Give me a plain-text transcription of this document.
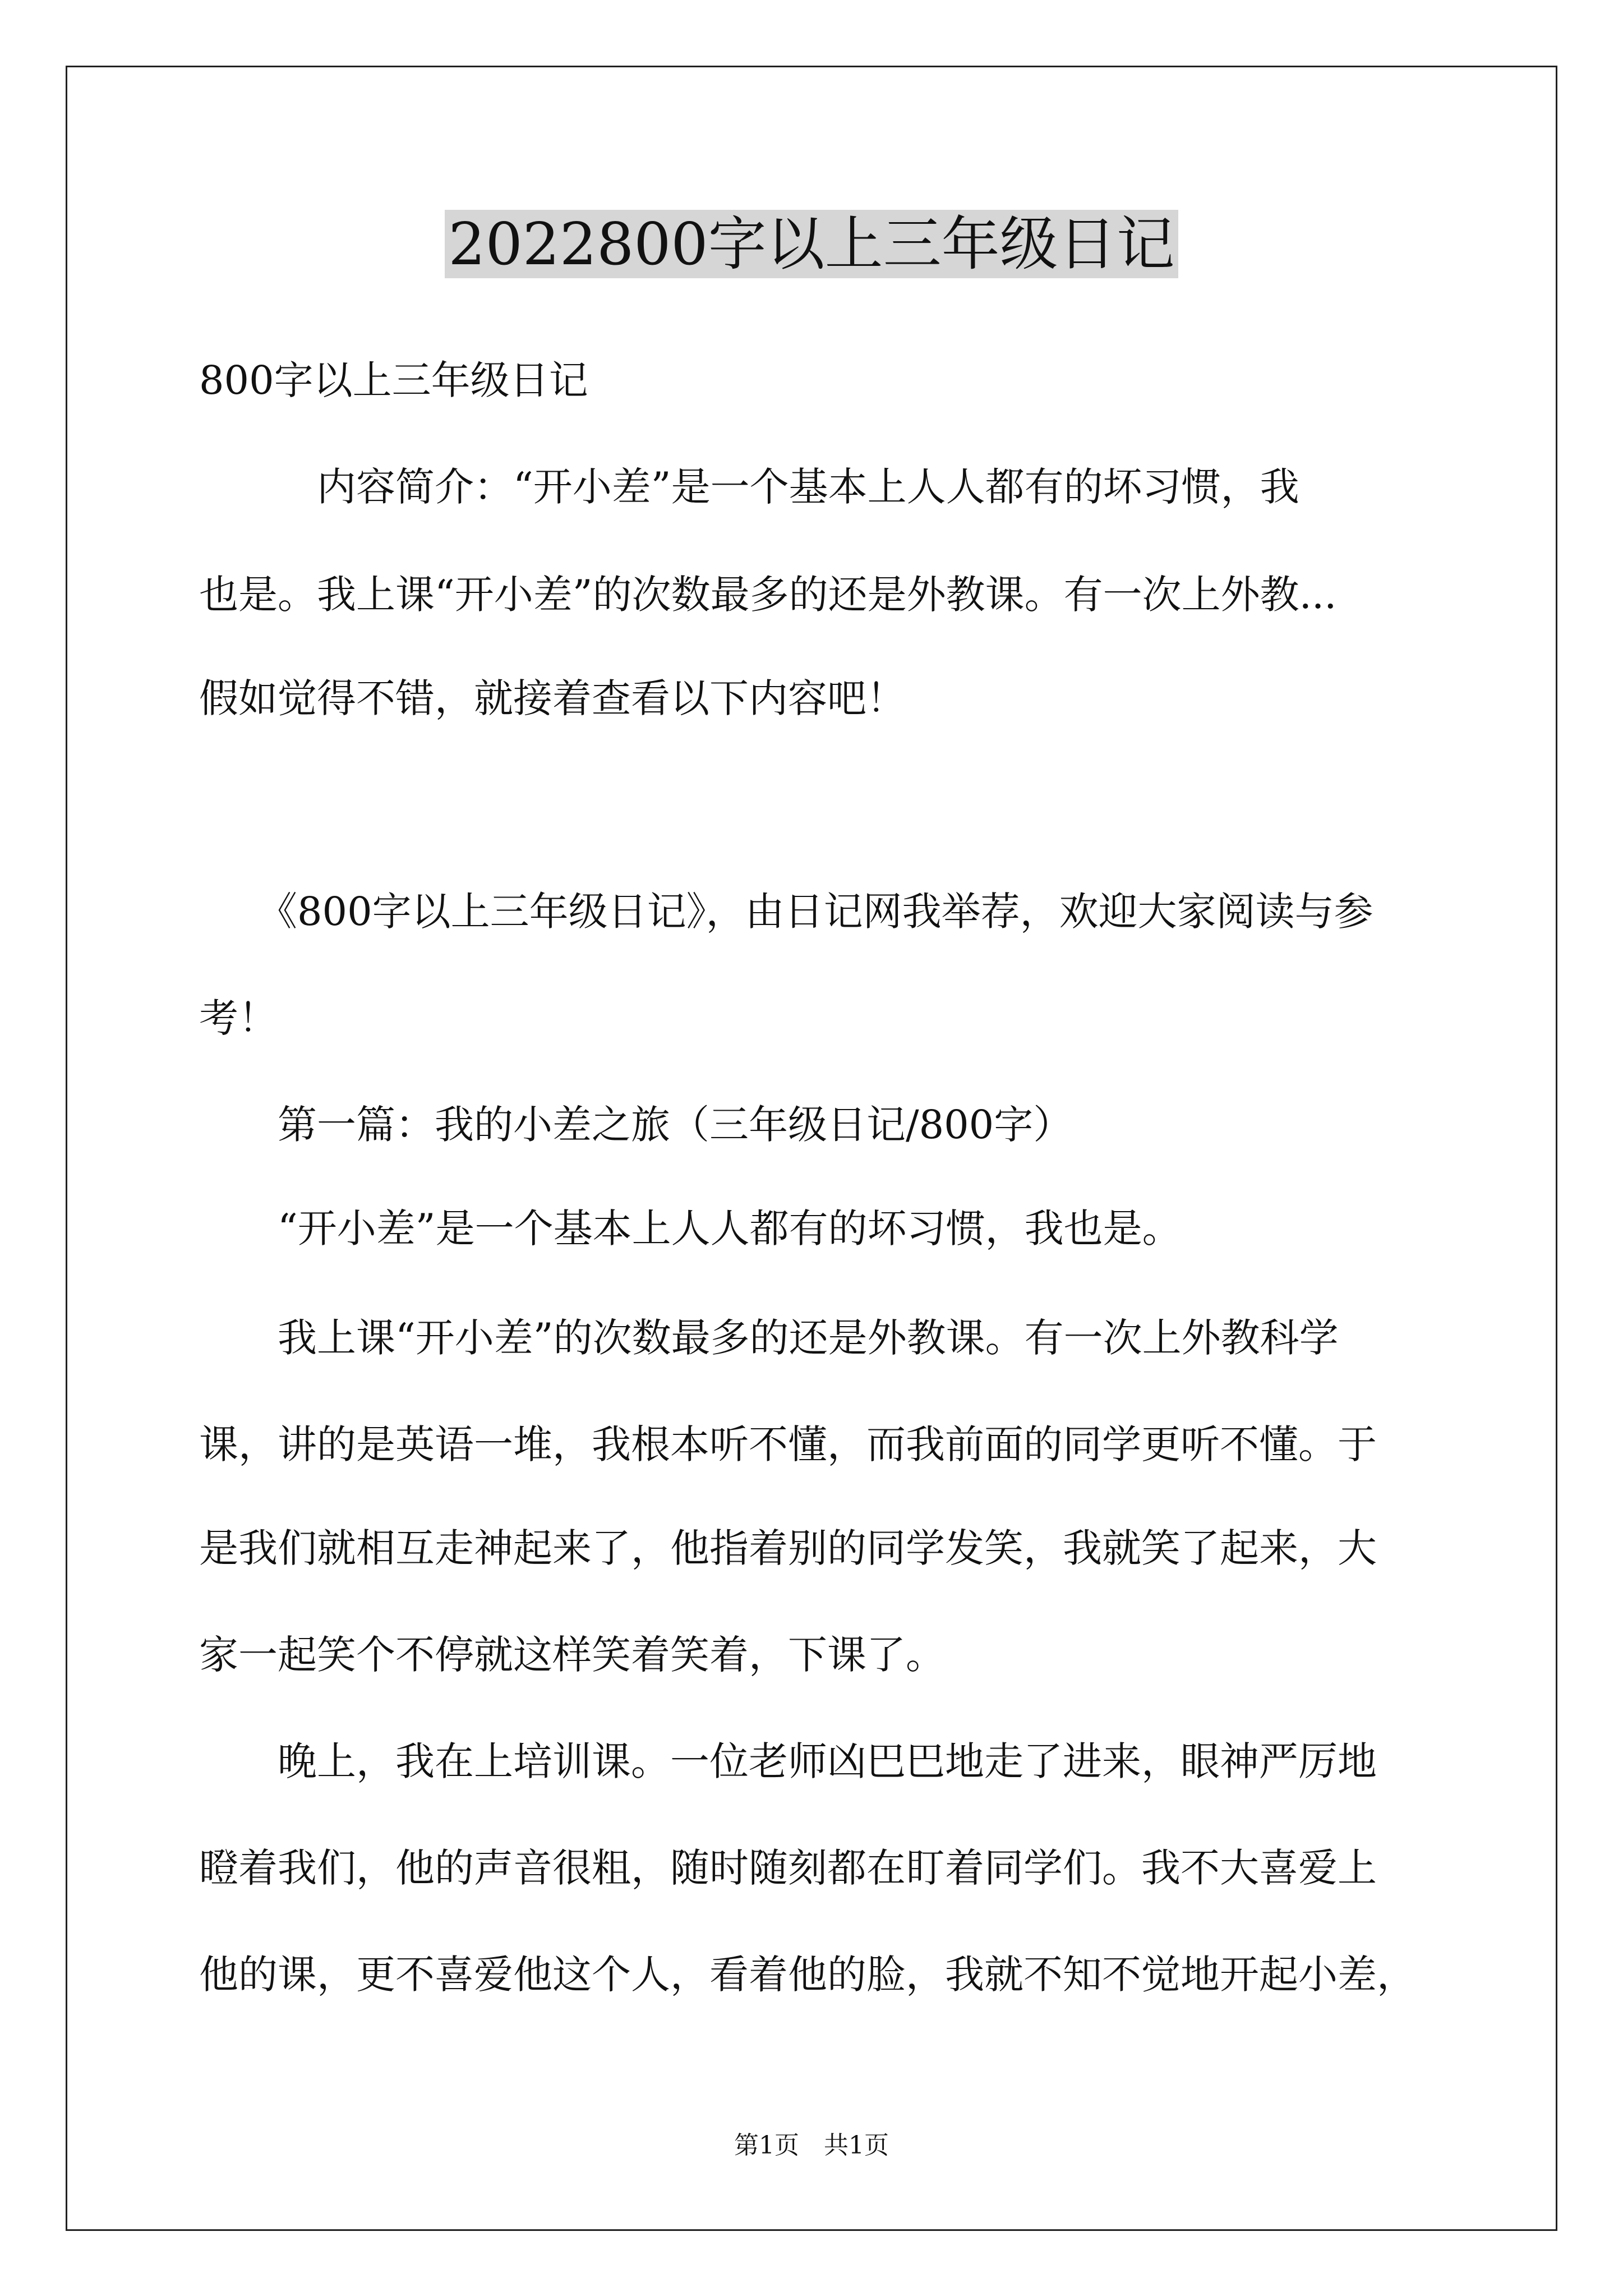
2022800字以上三年级日记

800字以上三年级日记

　　　内容简介：“开小差”是一个基本上人人都有的坏习惯，我

也是。我上课“开小差”的次数最多的还是外教课。有一次上外教...

假如觉得不错，就接着查看以下内容吧！

　　《800字以上三年级日记》，由日记网我举荐，欢迎大家阅读与参

考！

　　第一篇：我的小差之旅（三年级日记/800字）

　　“开小差”是一个基本上人人都有的坏习惯，我也是。

　　我上课“开小差”的次数最多的还是外教课。有一次上外教科学

课，讲的是英语一堆，我根本听不懂，而我前面的同学更听不懂。于

是我们就相互走神起来了，他指着别的同学发笑，我就笑了起来，大

家一起笑个不停就这样笑着笑着，下课了。

　　晚上，我在上培训课。一位老师凶巴巴地走了进来，眼神严厉地

瞪着我们，他的声音很粗，随时随刻都在盯着同学们。我不大喜爱上

他的课，更不喜爱他这个人，看着他的脸，我就不知不觉地开起小差，

第1页　共1页
